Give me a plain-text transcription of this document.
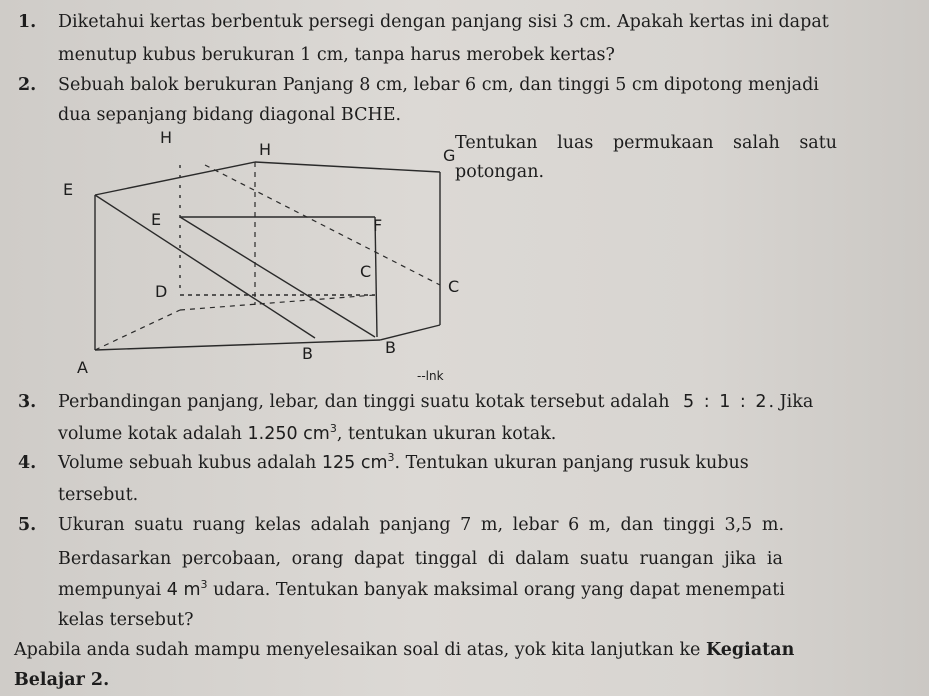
1. Diketahui kertas berbentuk persegi dengan panjang sisi 3 cm. Apakah kertas ini dapat
menutup kubus berukuran 1 cm, tanpa harus merobek kertas?
2. Sebuah balok berukuran Panjang 8 cm, lebar 6 cm, dan tinggi 5 cm dipotong menjadi
dua sepanjang bidang diagonal BCHE.
Tentukan luas permukaan salah satu
potongan.
H
H	G
E
E	F
D
C
C
A
B	B
--lnk
3. Perbandingan panjang, lebar, dan tinggi suatu kotak tersebut adalah 5 : 1 : 2. Jika
volume kotak adalah 1.250 $cm^3$, tentukan ukuran kotak.
4. Volume sebuah kubus adalah 125 $cm^3$. Tentukan ukuran panjang rusuk kubus
tersebut.
5. Ukuran suatu ruang kelas adalah panjang 7 m, lebar 6 m, dan tinggi 3,5 m.
Berdasarkan percobaan, orang dapat tinggal di dalam suatu ruangan jika ia
mempunyai 4 $m^3$ udara. Tentukan banyak maksimal orang yang dapat menempati
kelas tersebut?
Apabila anda sudah mampu menyelesaikan soal di atas, yok kita lanjutkan ke Kegiatan
Belajar 2.
